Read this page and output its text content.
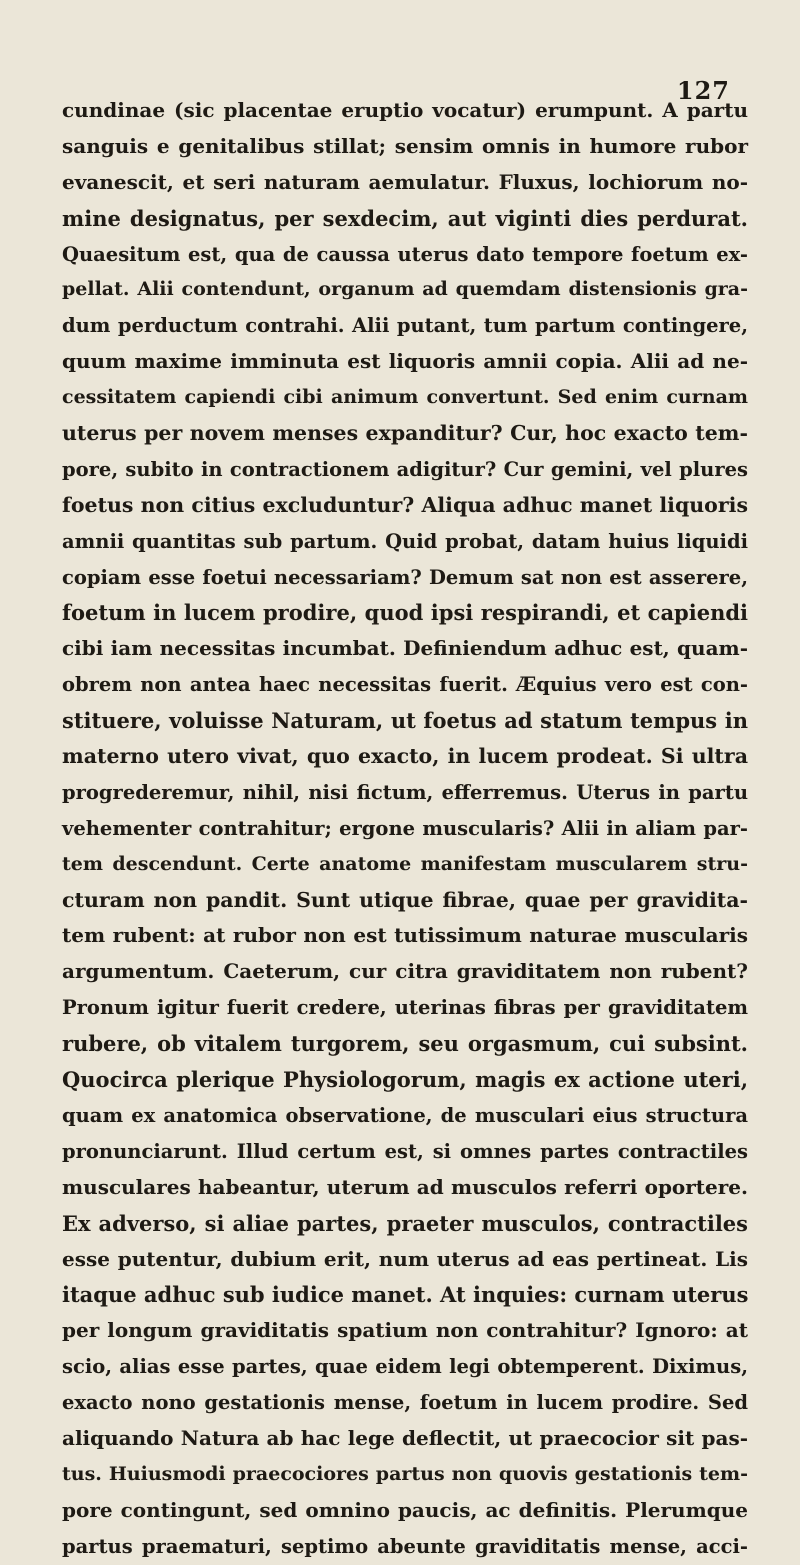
127
cundinae (sic placentae eruptio vocatur) erumpunt. A partu
sanguis e genitalibus stillat; sensim omnis in humore rubor
evanescit, et seri naturam aemulatur. Fluxus, lochiorum no-
mine designatus, per sexdecim, aut viginti dies perdurat.
Quaesitum est, qua de caussa uterus dato tempore foetum ex-
pellat. Alii contendunt, organum ad quemdam distensionis gra-
dum perductum contrahi. Alii putant, tum partum contingere,
quum maxime imminuta est liquoris amnii copia. Alii ad ne-
cessitatem capiendi cibi animum convertunt. Sed enim curnam
uterus per novem menses expanditur? Cur, hoc exacto tem-
pore, subito in contractionem adigitur? Cur gemini, vel plures
foetus non citius excluduntur? Aliqua adhuc manet liquoris
amnii quantitas sub partum. Quid probat, datam huius liquidi
copiam esse foetui necessariam? Demum sat non est asserere,
foetum in lucem prodire, quod ipsi respirandi, et capiendi
cibi iam necessitas incumbat. Definiendum adhuc est, quam-
obrem non antea haec necessitas fuerit. Æquius vero est con-
stituere, voluisse Naturam, ut foetus ad statum tempus in
materno utero vivat, quo exacto, in lucem prodeat. Si ultra
progrederemur, nihil, nisi fictum, efferremus. Uterus in partu
vehementer contrahitur; ergone muscularis? Alii in aliam par-
tem descendunt. Certe anatome manifestam muscularem stru-
cturam non pandit. Sunt utique fibrae, quae per gravidita-
tem rubent: at rubor non est tutissimum naturae muscularis
argumentum. Caeterum, cur citra graviditatem non rubent?
Pronum igitur fuerit credere, uterinas fibras per graviditatem
rubere, ob vitalem turgorem, seu orgasmum, cui subsint.
Quocirca plerique Physiologorum, magis ex actione uteri,
quam ex anatomica observatione, de musculari eius structura
pronunciarunt. Illud certum est, si omnes partes contractiles
musculares habeantur, uterum ad musculos referri oportere.
Ex adverso, si aliae partes, praeter musculos, contractiles
esse putentur, dubium erit, num uterus ad eas pertineat. Lis
itaque adhuc sub iudice manet. At inquies: curnam uterus
per longum graviditatis spatium non contrahitur? Ignoro: at
scio, alias esse partes, quae eidem legi obtemperent. Diximus,
exacto nono gestationis mense, foetum in lucem prodire. Sed
aliquando Natura ab hac lege deflectit, ut praecocior sit pas-
tus. Huiusmodi praecociores partus non quovis gestationis tem-
pore contingunt, sed omnino paucis, ac definitis. Plerumque
partus praematuri, septimo abeunte graviditatis mense, acci-
